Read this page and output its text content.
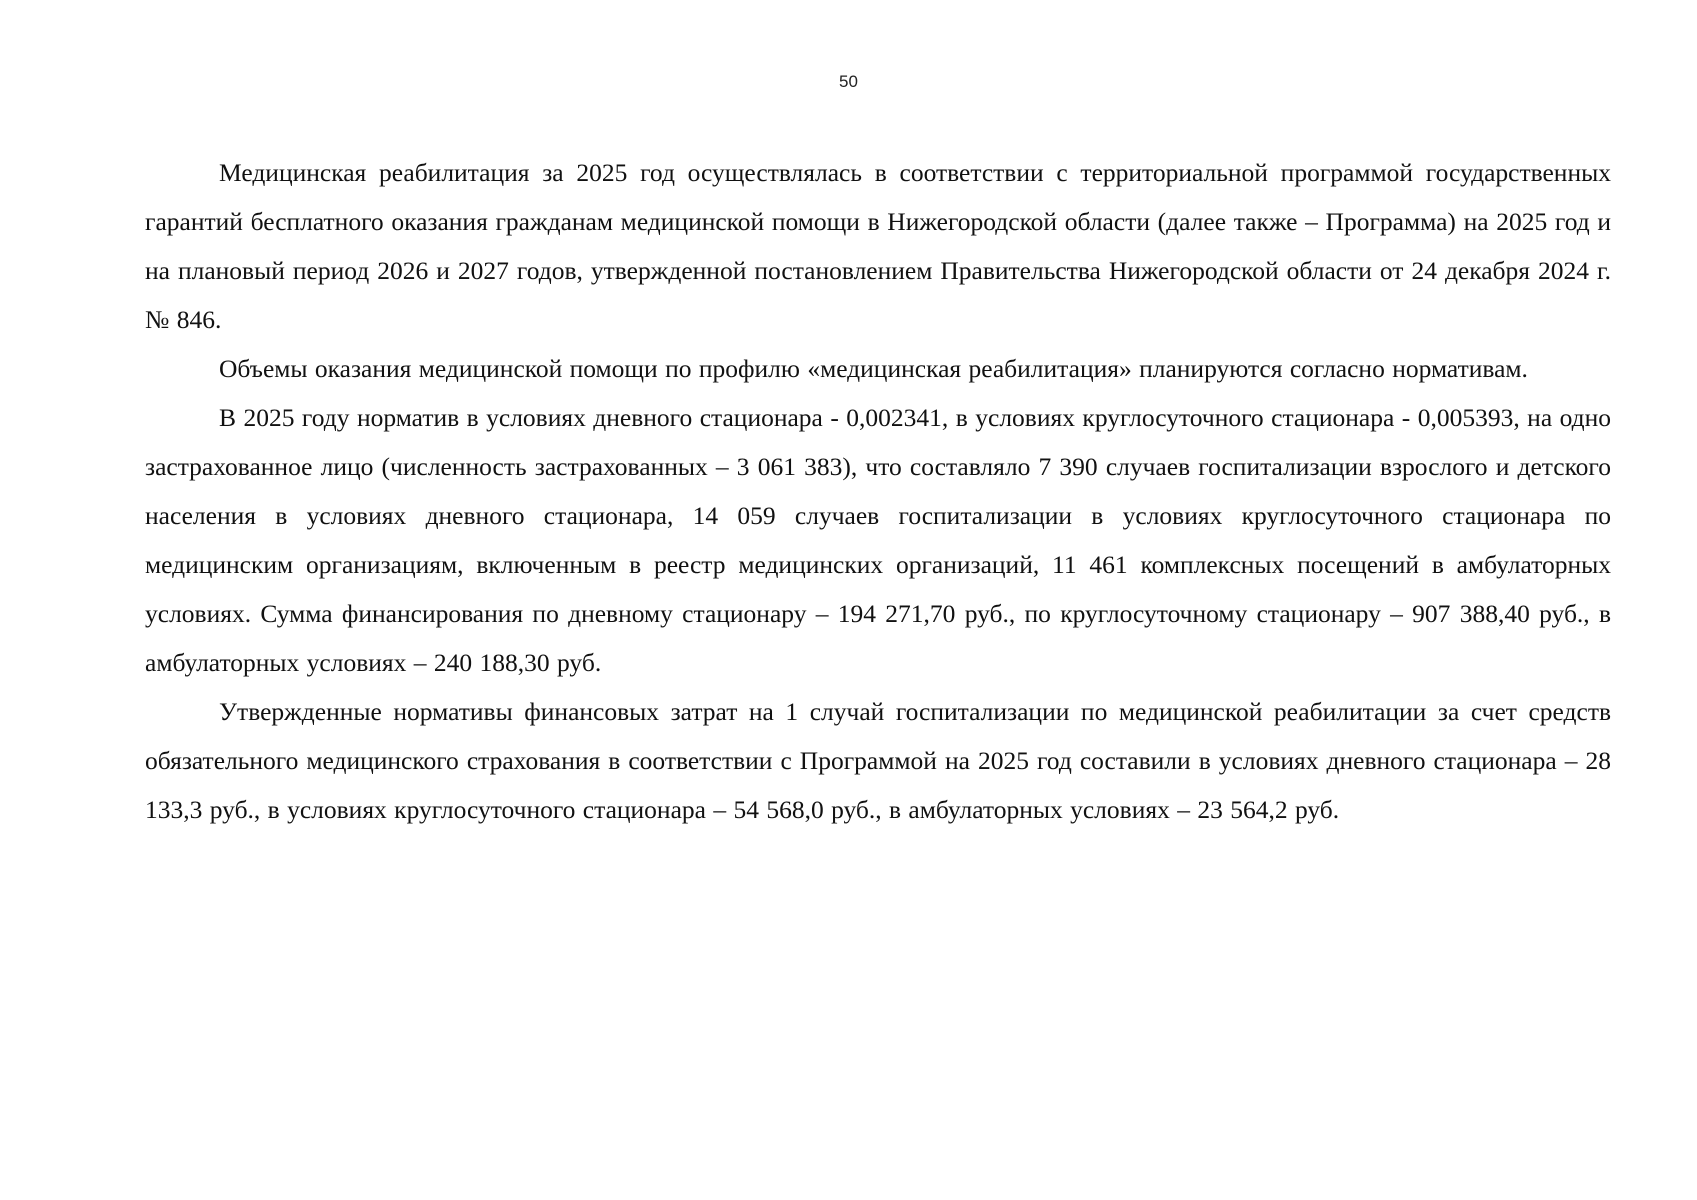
50

Медицинская реабилитация за 2025 год осуществлялась в соответствии с территориальной программой государственных гарантий бесплатного оказания гражданам медицинской помощи в Нижегородской области (далее также – Программа) на 2025 год и на плановый период 2026 и 2027 годов, утвержденной постановлением Правительства Нижегородской области от 24 декабря 2024 г. № 846.

Объемы оказания медицинской помощи по профилю «медицинская реабилитация» планируются согласно нормативам.

В 2025 году норматив в условиях дневного стационара - 0,002341, в условиях круглосуточного стационара - 0,005393, на одно застрахованное лицо (численность застрахованных – 3 061 383), что составляло 7 390 случаев госпитализации взрослого и детского населения в условиях дневного стационара, 14 059 случаев госпитализации в условиях круглосуточного стационара по медицинским организациям, включенным в реестр медицинских организаций, 11 461 комплексных посещений в амбулаторных условиях. Сумма финансирования по дневному стационару – 194 271,70 руб., по круглосуточному стационару – 907 388,40 руб., в амбулаторных условиях – 240 188,30 руб.

Утвержденные нормативы финансовых затрат на 1 случай госпитализации по медицинской реабилитации за счет средств обязательного медицинского страхования в соответствии с Программой на 2025 год составили в условиях дневного стационара – 28 133,3 руб., в условиях круглосуточного стационара – 54 568,0 руб., в амбулаторных условиях – 23 564,2 руб.
